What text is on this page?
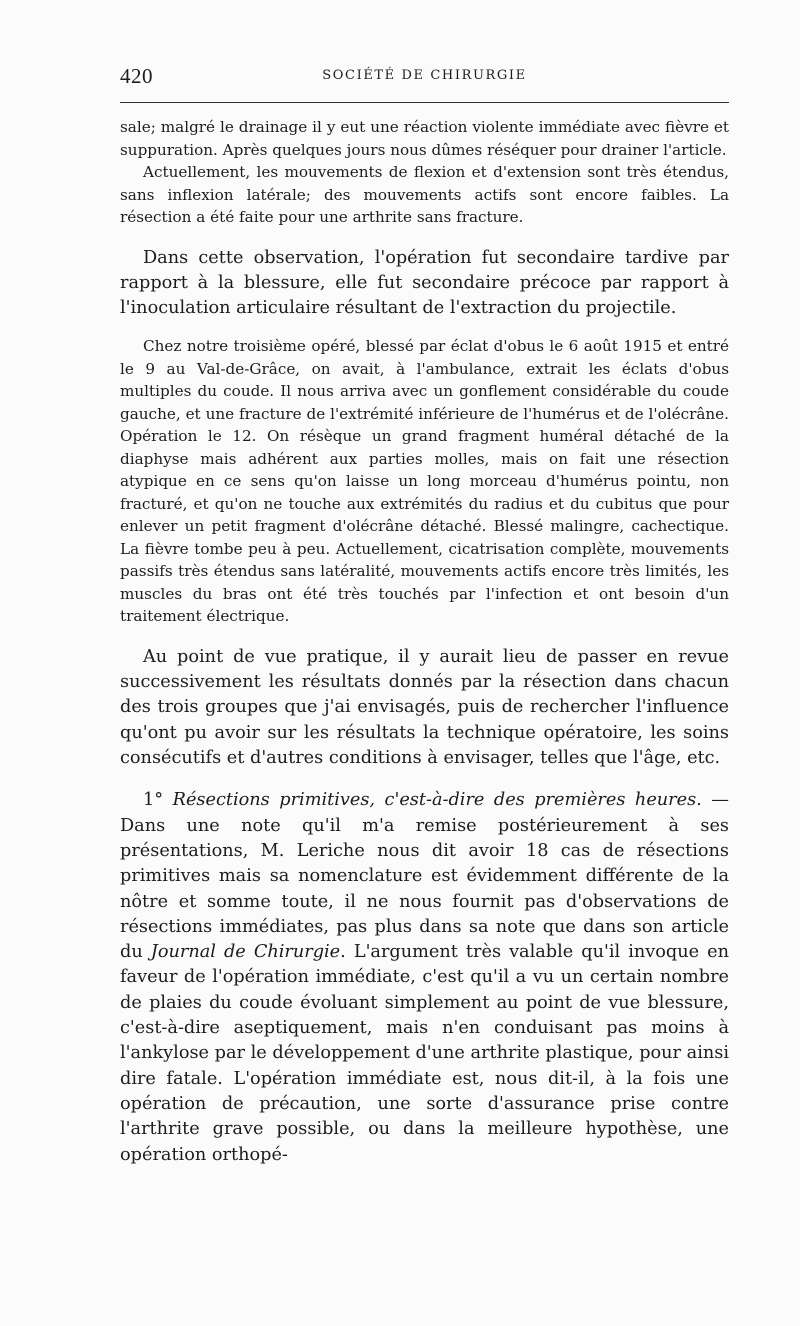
420	SOCIÉTÉ DE CHIRURGIE

sale; malgré le drainage il y eut une réaction violente immédiate avec fièvre et suppuration. Après quelques jours nous dûmes réséquer pour drainer l'article.

Actuellement, les mouvements de flexion et d'extension sont très étendus, sans inflexion latérale; des mouvements actifs sont encore faibles. La résection a été faite pour une arthrite sans fracture.

Dans cette observation, l'opération fut secondaire tardive par rapport à la blessure, elle fut secondaire précoce par rapport à l'inoculation articulaire résultant de l'extraction du projectile.

Chez notre troisième opéré, blessé par éclat d'obus le 6 août 1915 et entré le 9 au Val-de-Grâce, on avait, à l'ambulance, extrait les éclats d'obus multiples du coude. Il nous arriva avec un gonflement considérable du coude gauche, et une fracture de l'extrémité inférieure de l'humérus et de l'olécrâne. Opération le 12. On résèque un grand fragment huméral détaché de la diaphyse mais adhérent aux parties molles, mais on fait une résection atypique en ce sens qu'on laisse un long morceau d'humérus pointu, non fracturé, et qu'on ne touche aux extrémités du radius et du cubitus que pour enlever un petit fragment d'olécrâne détaché. Blessé malingre, cachectique. La fièvre tombe peu à peu. Actuellement, cicatrisation complète, mouvements passifs très étendus sans latéralité, mouvements actifs encore très limités, les muscles du bras ont été très touchés par l'infection et ont besoin d'un traitement électrique.

Au point de vue pratique, il y aurait lieu de passer en revue successivement les résultats donnés par la résection dans chacun des trois groupes que j'ai envisagés, puis de rechercher l'influence qu'ont pu avoir sur les résultats la technique opératoire, les soins consécutifs et d'autres conditions à envisager, telles que l'âge, etc.

1° Résections primitives, c'est-à-dire des premières heures. — Dans une note qu'il m'a remise postérieurement à ses présentations, M. Leriche nous dit avoir 18 cas de résections primitives mais sa nomenclature est évidemment différente de la nôtre et somme toute, il ne nous fournit pas d'observations de résections immédiates, pas plus dans sa note que dans son article du Journal de Chirurgie. L'argument très valable qu'il invoque en faveur de l'opération immédiate, c'est qu'il a vu un certain nombre de plaies du coude évoluant simplement au point de vue blessure, c'est-à-dire aseptiquement, mais n'en conduisant pas moins à l'ankylose par le développement d'une arthrite plastique, pour ainsi dire fatale. L'opération immédiate est, nous dit-il, à la fois une opération de précaution, une sorte d'assurance prise contre l'arthrite grave possible, ou dans la meilleure hypothèse, une opération orthopé-
